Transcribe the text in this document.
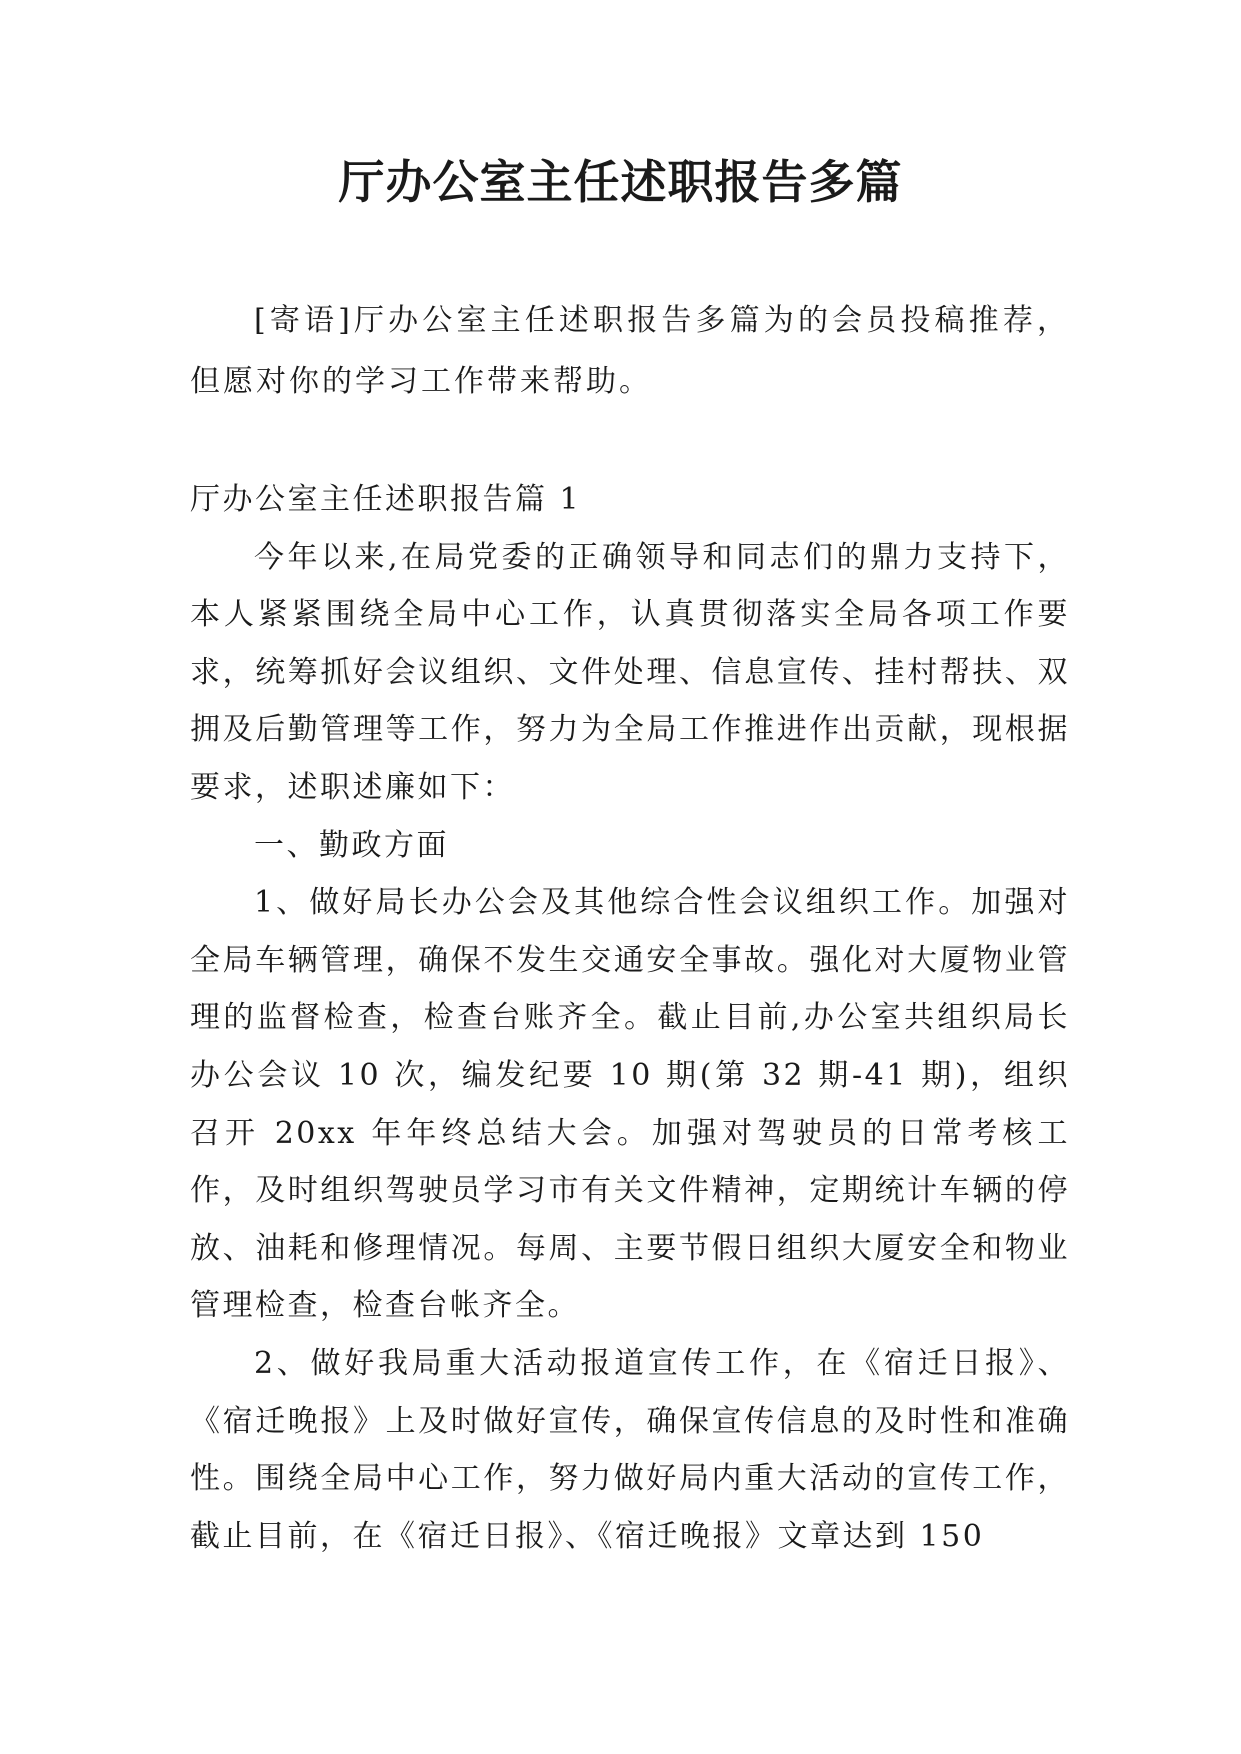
厅办公室主任述职报告多篇

[寄语]厅办公室主任述职报告多篇为的会员投稿推荐，但愿对你的学习工作带来帮助。

厅办公室主任述职报告篇 1

今年以来,在局党委的正确领导和同志们的鼎力支持下，本人紧紧围绕全局中心工作，认真贯彻落实全局各项工作要求，统筹抓好会议组织、文件处理、信息宣传、挂村帮扶、双拥及后勤管理等工作，努力为全局工作推进作出贡献，现根据要求，述职述廉如下：

一、勤政方面

1、做好局长办公会及其他综合性会议组织工作。加强对全局车辆管理，确保不发生交通安全事故。强化对大厦物业管理的监督检查，检查台账齐全。截止目前,办公室共组织局长办公会议 10 次，编发纪要 10 期(第 32 期-41 期)，组织召开 20xx 年年终总结大会。加强对驾驶员的日常考核工作，及时组织驾驶员学习市有关文件精神，定期统计车辆的停放、油耗和修理情况。每周、主要节假日组织大厦安全和物业管理检查，检查台帐齐全。

2、做好我局重大活动报道宣传工作，在《宿迁日报》、《宿迁晚报》上及时做好宣传，确保宣传信息的及时性和准确性。围绕全局中心工作，努力做好局内重大活动的宣传工作，截止目前，在《宿迁日报》、《宿迁晚报》文章达到 150
